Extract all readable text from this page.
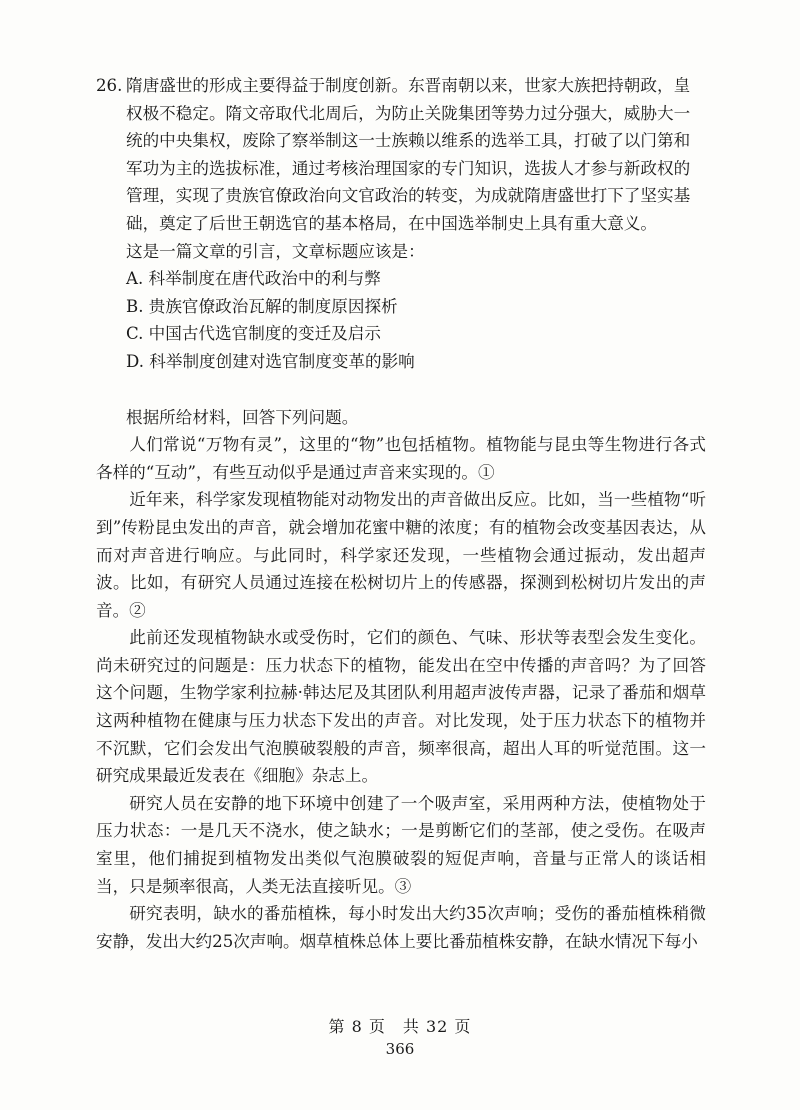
26. 隋唐盛世的形成主要得益于制度创新。东晋南朝以来，世家大族把持朝政，皇

权极不稳定。隋文帝取代北周后，为防止关陇集团等势力过分强大，威胁大一

统的中央集权，废除了察举制这一士族赖以维系的选举工具，打破了以门第和

军功为主的选拔标准，通过考核治理国家的专门知识，选拔人才参与新政权的

管理，实现了贵族官僚政治向文官政治的转变，为成就隋唐盛世打下了坚实基

础，奠定了后世王朝选官的基本格局，在中国选举制史上具有重大意义。

这是一篇文章的引言，文章标题应该是：

A. 科举制度在唐代政治中的利与弊

B. 贵族官僚政治瓦解的制度原因探析

C. 中国古代选官制度的变迁及启示

D. 科举制度创建对选官制度变革的影响

根据所给材料，回答下列问题。

人们常说“万物有灵”，这里的“物”也包括植物。植物能与昆虫等生物进行各式各样的“互动”，有些互动似乎是通过声音来实现的。①

近年来，科学家发现植物能对动物发出的声音做出反应。比如，当一些植物“听到”传粉昆虫发出的声音，就会增加花蜜中糖的浓度；有的植物会改变基因表达，从而对声音进行响应。与此同时，科学家还发现，一些植物会通过振动，发出超声波。比如，有研究人员通过连接在松树切片上的传感器，探测到松树切片发出的声音。②

此前还发现植物缺水或受伤时，它们的颜色、气味、形状等表型会发生变化。尚未研究过的问题是：压力状态下的植物，能发出在空中传播的声音吗？为了回答这个问题，生物学家利拉赫·韩达尼及其团队利用超声波传声器，记录了番茄和烟草这两种植物在健康与压力状态下发出的声音。对比发现，处于压力状态下的植物并不沉默，它们会发出气泡膜破裂般的声音，频率很高，超出人耳的听觉范围。这一研究成果最近发表在《细胞》杂志上。

研究人员在安静的地下环境中创建了一个吸声室，采用两种方法，使植物处于压力状态：一是几天不浇水，使之缺水；一是剪断它们的茎部，使之受伤。在吸声室里，他们捕捉到植物发出类似气泡膜破裂的短促声响，音量与正常人的谈话相当，只是频率很高，人类无法直接听见。③

研究表明，缺水的番茄植株，每小时发出大约35次声响；受伤的番茄植株稍微安静，发出大约25次声响。烟草植株总体上要比番茄植株安静，在缺水情况下每小

第 8 页　共 32 页
366
